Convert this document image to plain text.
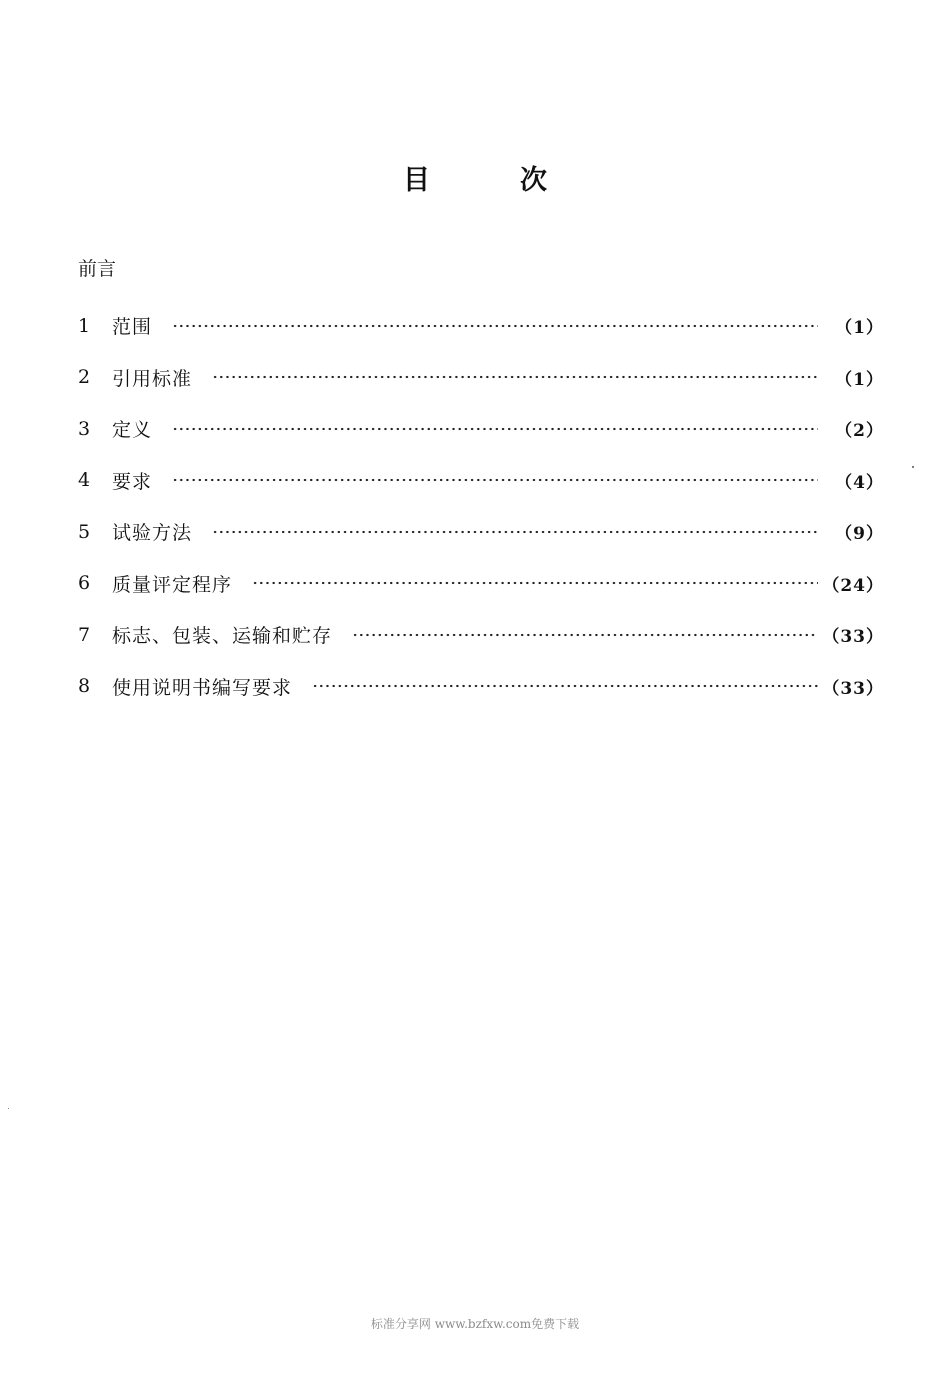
目	次
前言
1	范围	（1）
2	引用标准	（1）
3	定义	（2）
4	要求	（4）
5	试验方法	（9）
6	质量评定程序	（24）
7	标志、包装、运输和贮存	（33）
8	使用说明书编写要求	（33）
标准分享网 www.bzfxw.com免费下载
